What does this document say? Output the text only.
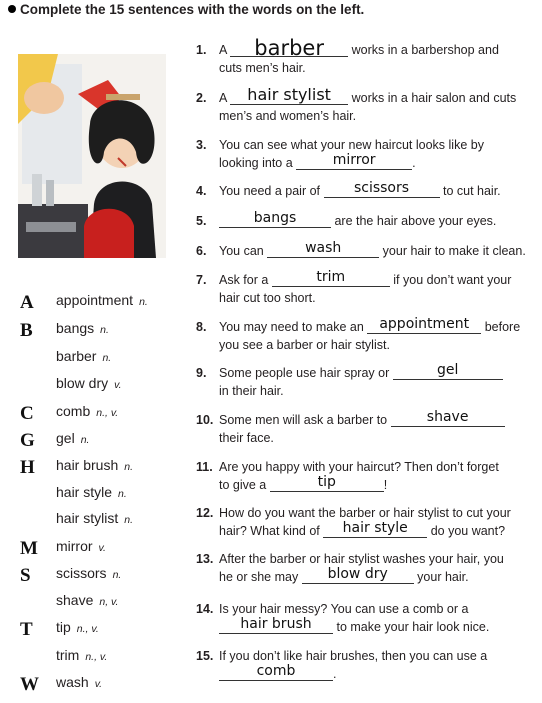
Complete the 15 sentences with the words on the left.
A appointment n.
B bangs n.
barber n.
blow dry v.
C comb n., v.
G gel n.
H hair brush n.
hair style n.
hair stylist n.
M mirror v.
S scissors n.
shave n, v.
T tip n., v.
trim n., v.
W wash v.
1. A	barber	works in a barbershop and
cuts men’s hair.
2. A	hair stylist	works in a hair salon and cuts
men’s and women’s hair.
3. You can see what your new haircut looks like by
looking into a	mirror	.
4. You need a pair of	scissors	to cut hair.
5.	bangs	are the hair above your eyes.
6. You can	wash	your hair to make it clean.
7. Ask for a	trim	if you don’t want your
hair cut too short.
8. You may need to make an appointment before
you see a barber or hair stylist.
9. Some people use hair spray or	gel
in their hair.
10. Some men will ask a barber to	shave
their face.
11. Are you happy with your haircut? Then don’t forget
to give a	tip	!
12. How do you want the barber or hair stylist to cut your
hair? What kind of	hair style	do you want?
13. After the barber or hair stylist washes your hair, you
he or she may	blow dry	your hair.
14. Is your hair messy? You can use a comb or a
hair brush	to make your hair look nice.
15. If you don’t like hair brushes, then you can use a
comb	.
